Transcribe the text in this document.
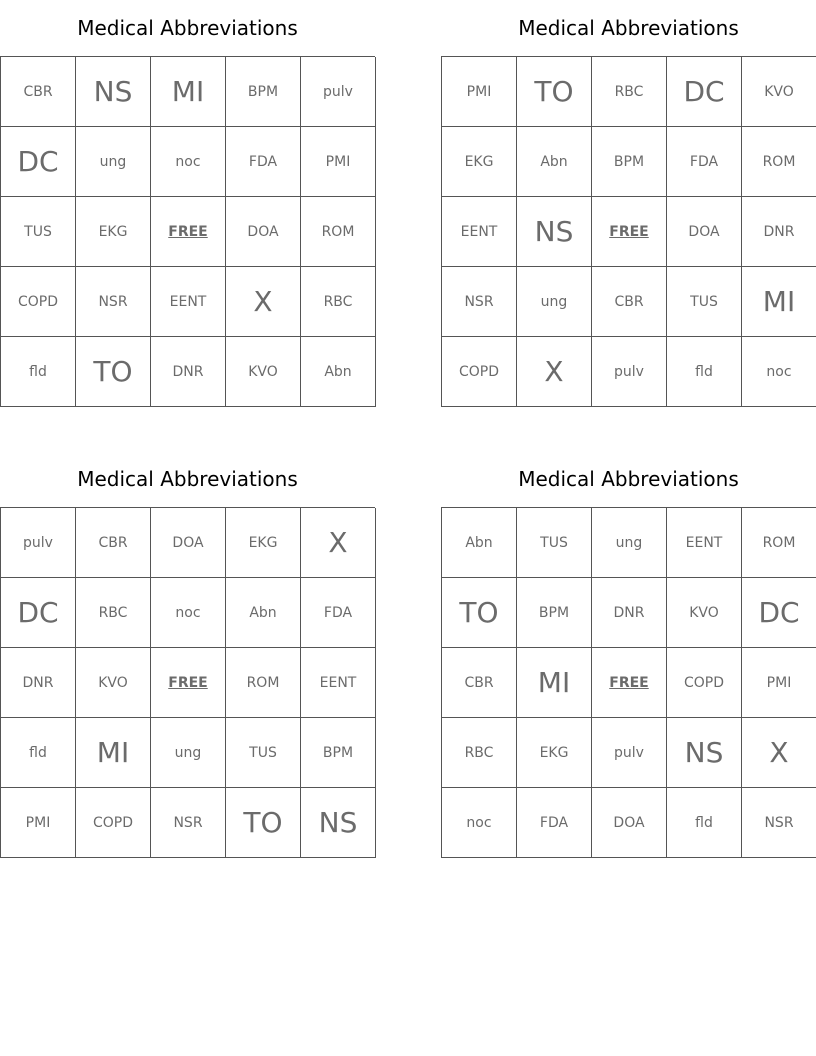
Medical Abbreviations
CBR	NS	MI	BPM	pulv
DC	ung	noc	FDA	PMI
TUS	EKG	FREE	DOA	ROM
COPD	NSR	EENT	X	RBC
fld	TO	DNR	KVO	Abn
Medical Abbreviations
PMI	TO	RBC	DC	KVO
EKG	Abn	BPM	FDA	ROM
EENT	NS	FREE	DOA	DNR
NSR	ung	CBR	TUS	MI
COPD	X	pulv	fld	noc
Medical Abbreviations
pulv	CBR	DOA	EKG	X
DC	RBC	noc	Abn	FDA
DNR	KVO	FREE	ROM	EENT
fld	MI	ung	TUS	BPM
PMI	COPD	NSR	TO	NS
Medical Abbreviations
Abn	TUS	ung	EENT	ROM
TO	BPM	DNR	KVO	DC
CBR	MI	FREE	COPD	PMI
RBC	EKG	pulv	NS	X
noc	FDA	DOA	fld	NSR
